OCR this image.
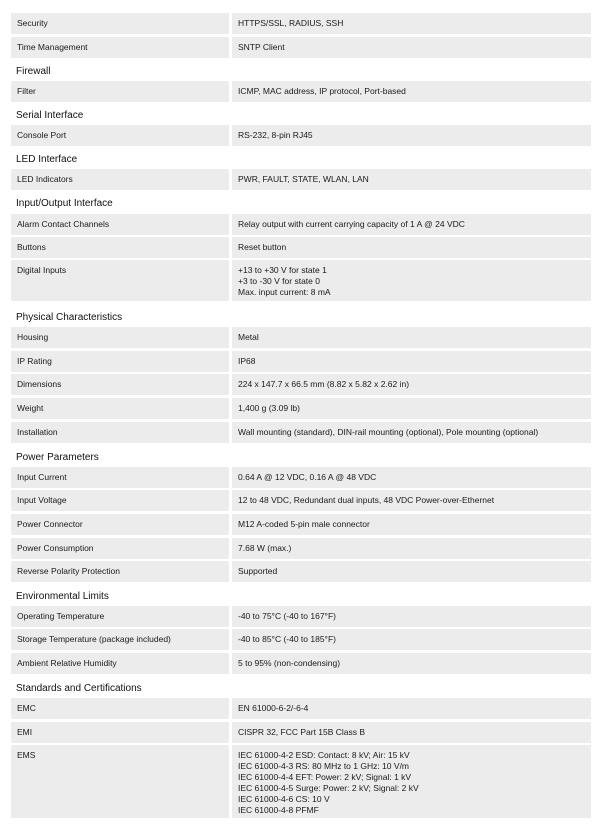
Security	HTTPS/SSL, RADIUS, SSH
Time Management	SNTP Client
Firewall
Filter	ICMP, MAC address, IP protocol, Port-based
Serial Interface
Console Port	RS-232, 8-pin RJ45
LED Interface
LED Indicators	PWR, FAULT, STATE, WLAN, LAN
Input/Output Interface
Alarm Contact Channels	Relay output with current carrying capacity of 1 A @ 24 VDC
Buttons	Reset button
Digital Inputs	+13 to +30 V for state 1
+3 to -30 V for state 0
Max. input current: 8 mA
Physical Characteristics
Housing	Metal
IP Rating	IP68
Dimensions	224 x 147.7 x 66.5 mm (8.82 x 5.82 x 2.62 in)
Weight	1,400 g (3.09 lb)
Installation	Wall mounting (standard), DIN-rail mounting (optional), Pole mounting (optional)
Power Parameters
Input Current	0.64 A @ 12 VDC, 0.16 A @ 48 VDC
Input Voltage	12 to 48 VDC, Redundant dual inputs, 48 VDC Power-over-Ethernet
Power Connector	M12 A-coded 5-pin male connector
Power Consumption	7.68 W (max.)
Reverse Polarity Protection	Supported
Environmental Limits
Operating Temperature	-40 to 75°C (-40 to 167°F)
Storage Temperature (package included)	-40 to 85°C (-40 to 185°F)
Ambient Relative Humidity	5 to 95% (non-condensing)
Standards and Certifications
EMC	EN 61000-6-2/-6-4
EMI	CISPR 32, FCC Part 15B Class B
EMS	IEC 61000-4-2 ESD: Contact: 8 kV; Air: 15 kV
IEC 61000-4-3 RS: 80 MHz to 1 GHz: 10 V/m
IEC 61000-4-4 EFT: Power: 2 kV; Signal: 1 kV
IEC 61000-4-5 Surge: Power: 2 kV; Signal: 2 kV
IEC 61000-4-6 CS: 10 V
IEC 61000-4-8 PFMF
